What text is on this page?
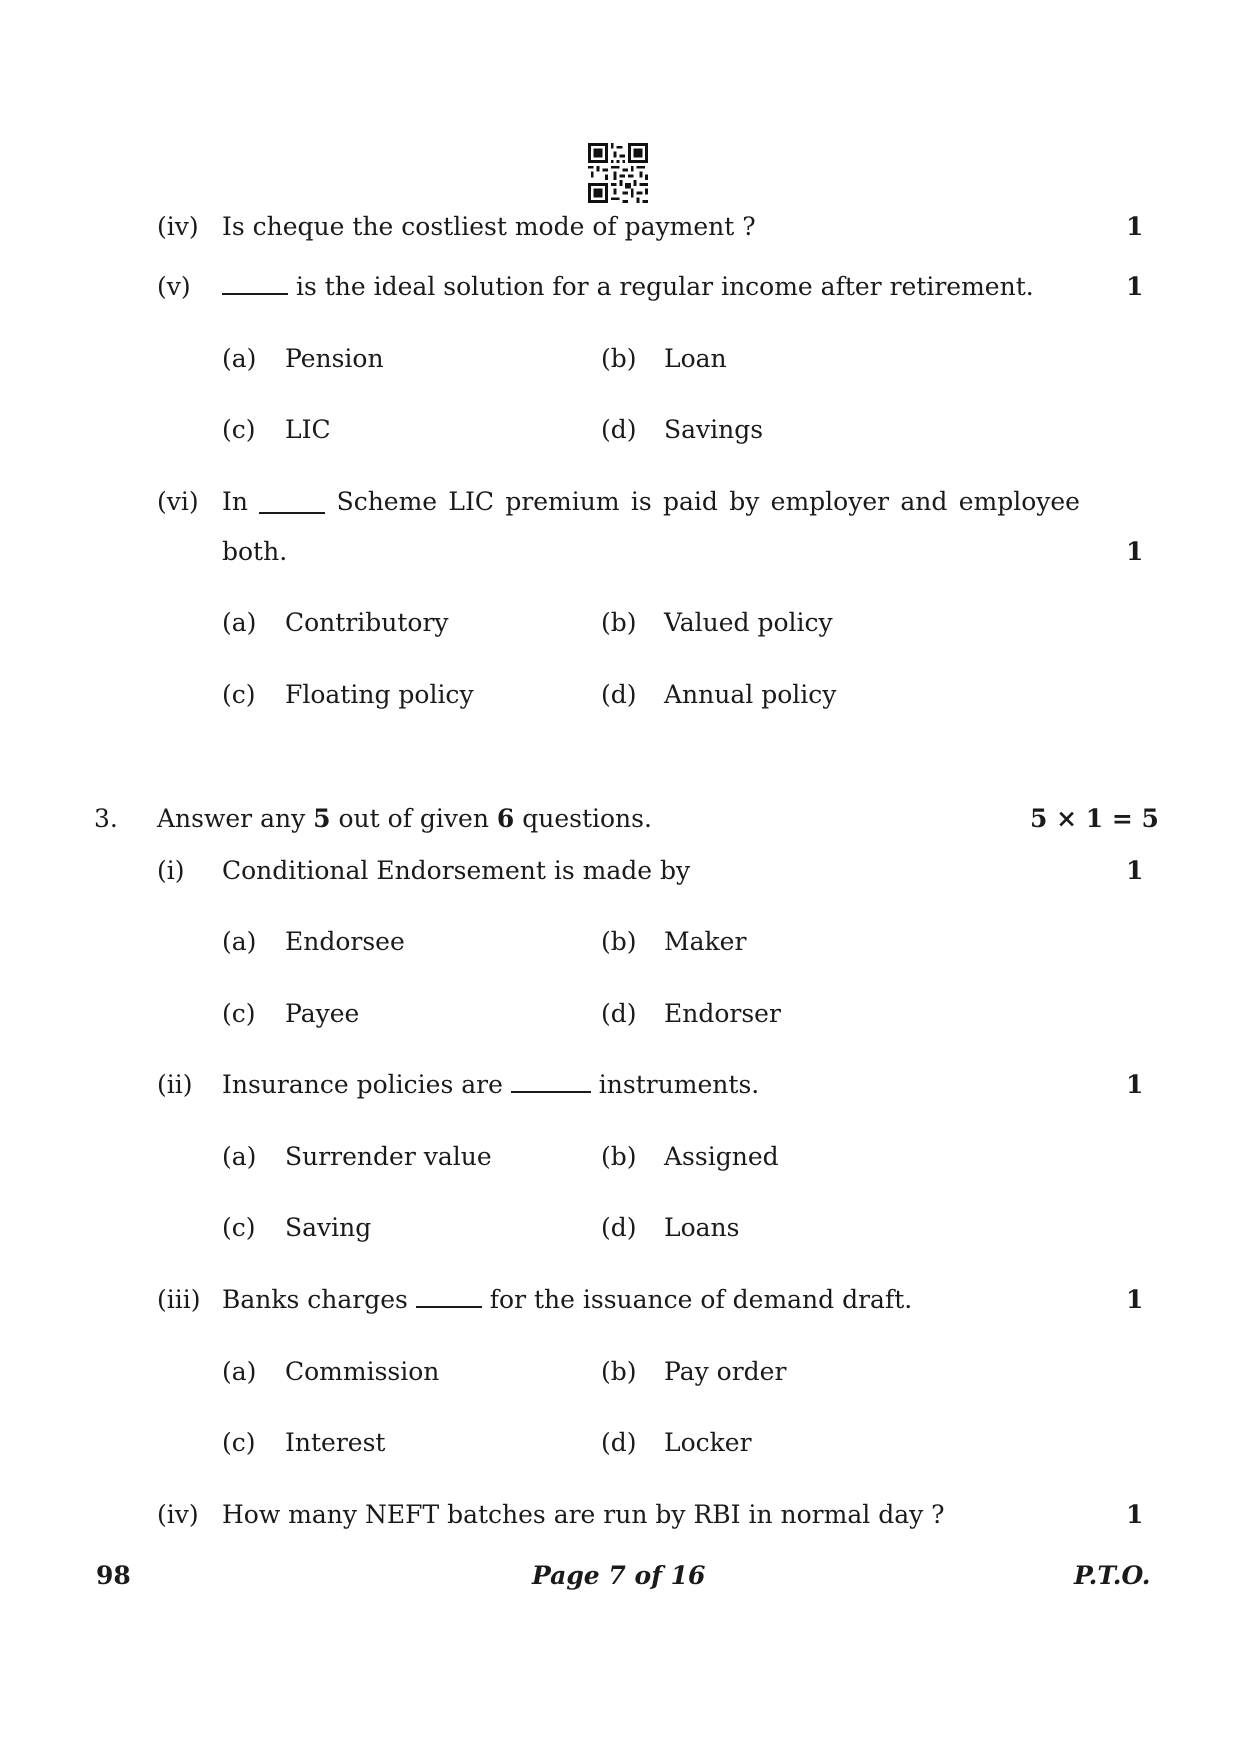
(iv) Is cheque the costliest mode of payment ?	1
(v)	is the ideal solution for a regular income after retirement.	1
(a) Pension	(b) Loan
(c) LIC	(d) Savings
(vi) In	Scheme LIC premium is paid by employer and employee
both.	1
(a) Contributory	(b) Valued policy
(c) Floating policy	(d) Annual policy
3. Answer any 5 out of given 6 questions.	5 × 1 = 5
(i) Conditional Endorsement is made by	1
(a) Endorsee	(b) Maker
(c) Payee	(d) Endorser
(ii) Insurance policies are	instruments.	1
(a) Surrender value	(b) Assigned
(c) Saving	(d) Loans
(iii) Banks charges	for the issuance of demand draft.	1
(a) Commission	(b) Pay order
(c) Interest	(d) Locker
(iv) How many NEFT batches are run by RBI in normal day ?	1
98	Page 7 of 16	P.T.O.
